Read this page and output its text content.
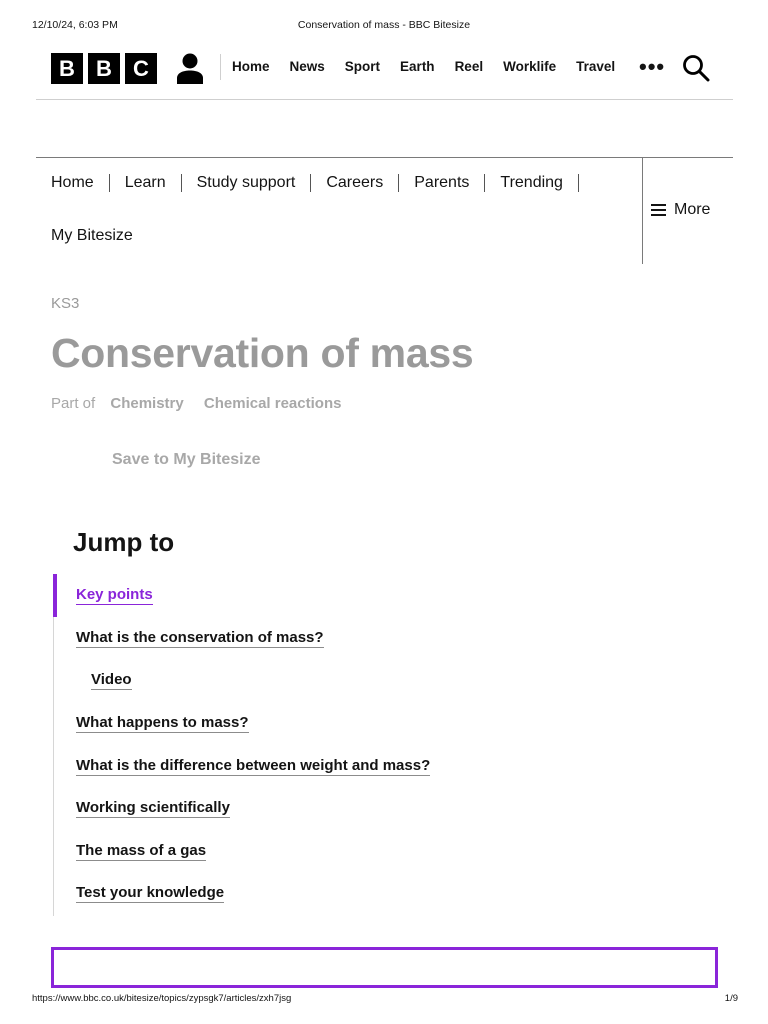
12/10/24, 6:03 PM	Conservation of mass - BBC Bitesize
B B C	Home News Sport Earth Reel Worklife Travel •••
Home Learn Study support Careers Parents Trending
My Bitesize
More
KS3
Conservation of mass
Part of Chemistry Chemical reactions
Save to My Bitesize
Jump to
Key points
What is the conservation of mass?
Video
What happens to mass?
What is the difference between weight and mass?
Working scientifically
The mass of a gas
Test your knowledge
https://www.bbc.co.uk/bitesize/topics/zypsgk7/articles/zxh7jsg	1/9
